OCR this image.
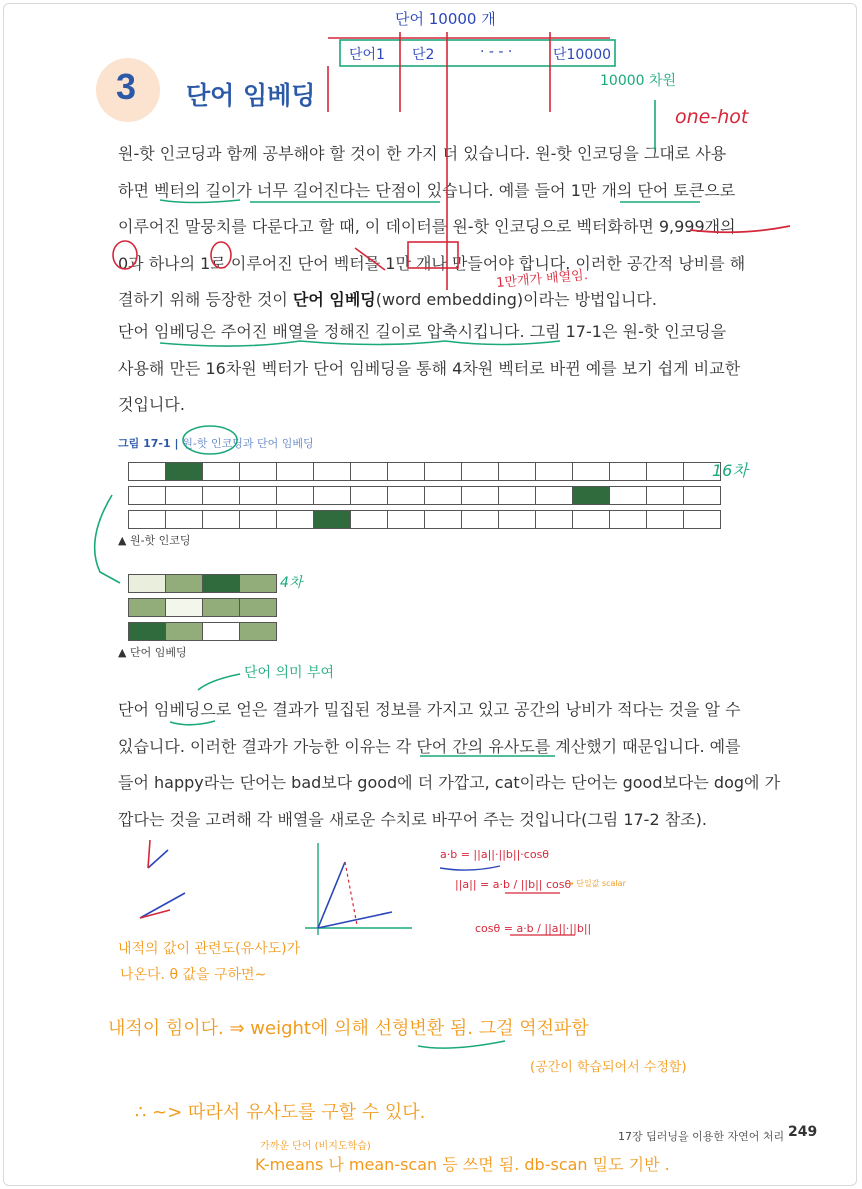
3 단어 임베딩
원-핫 인코딩과 함께 공부해야 할 것이 한 가지 더 있습니다. 원-핫 인코딩을 그대로 사용
하면 벡터의 길이가 너무 길어진다는 단점이 있습니다. 예를 들어 1만 개의 단어 토큰으로
이루어진 말뭉치를 다룬다고 할 때, 이 데이터를 원-핫 인코딩으로 벡터화하면 9,999개의
0과 하나의 1로 이루어진 단어 벡터를 1만 개나 만들어야 합니다. 이러한 공간적 낭비를 해
결하기 위해 등장한 것이 단어 임베딩(word embedding)이라는 방법입니다.
단어 임베딩은 주어진 배열을 정해진 길이로 압축시킵니다. 그림 17-1은 원-핫 인코딩을
사용해 만든 16차원 벡터가 단어 임베딩을 통해 4차원 벡터로 바뀐 예를 보기 쉽게 비교한
것입니다.
그림 17-1 | 원-핫 인코딩과 단어 임베딩
▲ 원-핫 인코딩
▲ 단어 임베딩
단어 임베딩으로 얻은 결과가 밀집된 정보를 가지고 있고 공간의 낭비가 적다는 것을 알 수
있습니다. 이러한 결과가 가능한 이유는 각 단어 간의 유사도를 계산했기 때문입니다. 예를
들어 happy라는 단어는 bad보다 good에 더 가깝고, cat이라는 단어는 good보다는 dog에 가
깝다는 것을 고려해 각 배열을 새로운 수치로 바꾸어 주는 것입니다(그림 17-2 참조).
17장 딥러닝을 이용한 자연어 처리 249
단어 10000 개
단어1 단2	· - - ·	단10000
10000 차원
one-hot
1만개가 배열임.
16차
4차
단어 의미 부여
a·b = ||a||·||b||·cosθ
||a|| = a·b / ||b|| cosθ
→ 단일값 scalar
cosθ = a·b / ||a||·||b||
내적의 값이 관련도(유사도)가
나온다. θ 값을 구하면~
내적이 힘이다. ⇒ weight에 의해 선형변환 됨. 그걸 역전파함
(공간이 학습되어서 수정함)
∴ ~> 따라서 유사도를 구할 수 있다.
가까운 단어 (비지도학습)
K-means 나 mean-scan 등 쓰면 됨. db-scan 밀도 기반 .
